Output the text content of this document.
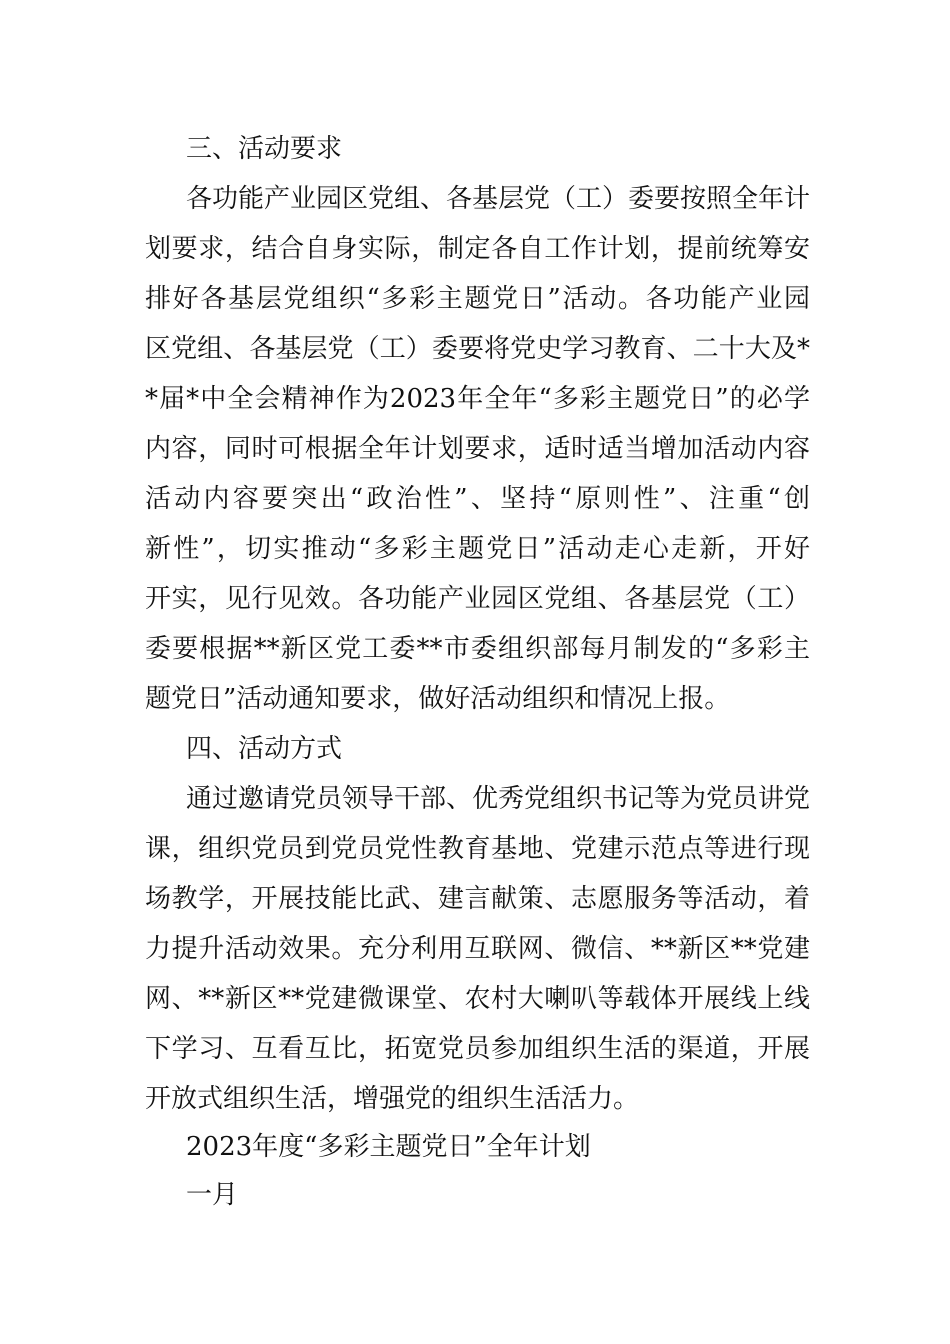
三、活动要求
各功能产业园区党组、各基层党（工）委要按照全年计
划要求，结合自身实际，制定各自工作计划，提前统筹安
排好各基层党组织“多彩主题党日”活动。各功能产业园
区党组、各基层党（工）委要将党史学习教育、二十大及*
*届*中全会精神作为2023年全年“多彩主题党日”的必学
内容，同时可根据全年计划要求，适时适当增加活动内容
活动内容要突出“政治性”、坚持“原则性”、注重“创
新性”，切实推动“多彩主题党日”活动走心走新，开好
开实，见行见效。各功能产业园区党组、各基层党（工）
委要根据**新区党工委**市委组织部每月制发的“多彩主
题党日”活动通知要求，做好活动组织和情况上报。
四、活动方式
通过邀请党员领导干部、优秀党组织书记等为党员讲党
课，组织党员到党员党性教育基地、党建示范点等进行现
场教学，开展技能比武、建言献策、志愿服务等活动，着
力提升活动效果。充分利用互联网、微信、**新区**党建
网、**新区**党建微课堂、农村大喇叭等载体开展线上线
下学习、互看互比，拓宽党员参加组织生活的渠道，开展
开放式组织生活，增强党的组织生活活力。
2023年度“多彩主题党日”全年计划
一月
